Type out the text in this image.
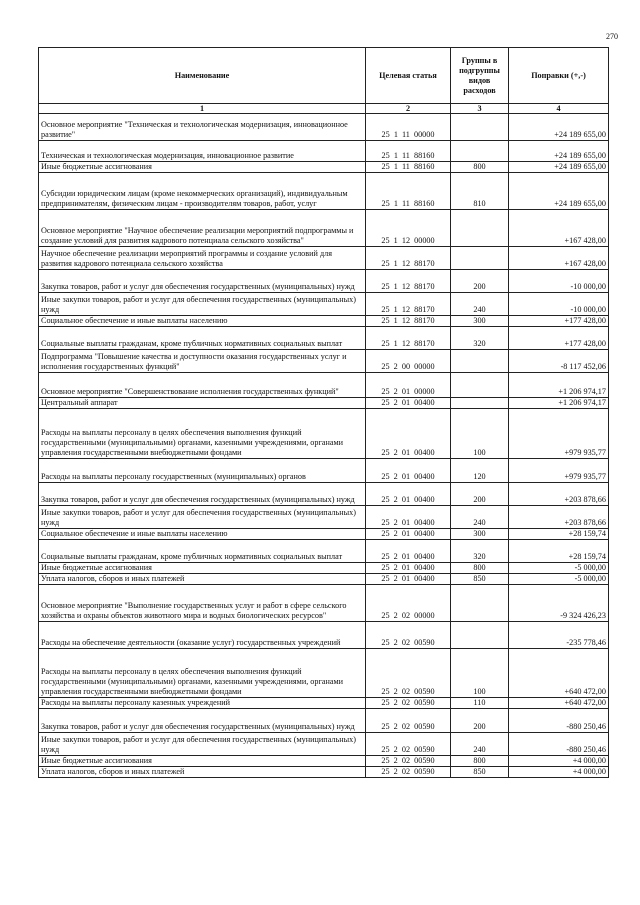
270
Наименование	Целевая статья	Группы в подгруппы видов расходов	Поправки (+,-)
1	2	3	4
Основное мероприятие "Техническая и технологическая модернизация, инновационное развитие"	25  1  11  00000		+24 189 655,00
Техническая и технологическая модернизация, инновационное развитие	25  1  11  88160		+24 189 655,00
Иные бюджетные ассигнования	25  1  11  88160	800	+24 189 655,00
Субсидии юридическим лицам (кроме некоммерческих организаций), индивидуальным предпринимателям, физическим лицам - производителям товаров, работ, услуг	25  1  11  88160	810	+24 189 655,00
Основное мероприятие "Научное обеспечение реализации мероприятий подпрограммы и создание условий для развития кадрового потенциала сельского хозяйства"	25  1  12  00000		+167 428,00
Научное обеспечение реализации мероприятий программы и создание условий для развития кадрового потенциала сельского хозяйства	25  1  12  88170		+167 428,00
Закупка товаров, работ и услуг для обеспечения государственных (муниципальных) нужд	25  1  12  88170	200	-10 000,00
Иные закупки товаров, работ и услуг для обеспечения государственных (муниципальных) нужд	25  1  12  88170	240	-10 000,00
Социальное обеспечение и иные выплаты населению	25  1  12  88170	300	+177 428,00
Социальные выплаты гражданам, кроме публичных нормативных социальных выплат	25  1  12  88170	320	+177 428,00
Подпрограмма "Повышение качества и доступности оказания государственных услуг и исполнения государственных функций"	25  2  00  00000		-8 117 452,06
Основное мероприятие "Совершенствование исполнения государственных функций"	25  2  01  00000		+1 206 974,17
Центральный аппарат	25  2  01  00400		+1 206 974,17
Расходы на выплаты персоналу в целях обеспечения выполнения функций государственными (муниципальными) органами, казенными учреждениями, органами управления государственными внебюджетными фондами	25  2  01  00400	100	+979 935,77
Расходы на выплаты персоналу государственных (муниципальных) органов	25  2  01  00400	120	+979 935,77
Закупка товаров, работ и услуг для обеспечения государственных (муниципальных) нужд	25  2  01  00400	200	+203 878,66
Иные закупки товаров, работ и услуг для обеспечения государственных (муниципальных) нужд	25  2  01  00400	240	+203 878,66
Социальное обеспечение и иные выплаты населению	25  2  01  00400	300	+28 159,74
Социальные выплаты гражданам, кроме публичных нормативных социальных выплат	25  2  01  00400	320	+28 159,74
Иные бюджетные ассигнования	25  2  01  00400	800	-5 000,00
Уплата налогов, сборов и иных платежей	25  2  01  00400	850	-5 000,00
Основное мероприятие "Выполнение государственных услуг и работ в сфере сельского хозяйства и охраны объектов животного мира и водных биологических ресурсов"	25  2  02  00000		-9 324 426,23
Расходы на обеспечение деятельности (оказание услуг) государственных учреждений	25  2  02  00590		-235 778,46
Расходы на выплаты персоналу в целях обеспечения выполнения функций государственными (муниципальными) органами, казенными учреждениями, органами управления государственными внебюджетными фондами	25  2  02  00590	100	+640 472,00
Расходы на выплаты персоналу казенных учреждений	25  2  02  00590	110	+640 472,00
Закупка товаров, работ и услуг для обеспечения государственных (муниципальных) нужд	25  2  02  00590	200	-880 250,46
Иные закупки товаров, работ и услуг для обеспечения государственных (муниципальных) нужд	25  2  02  00590	240	-880 250,46
Иные бюджетные ассигнования	25  2  02  00590	800	+4 000,00
Уплата налогов, сборов и иных платежей	25  2  02  00590	850	+4 000,00
